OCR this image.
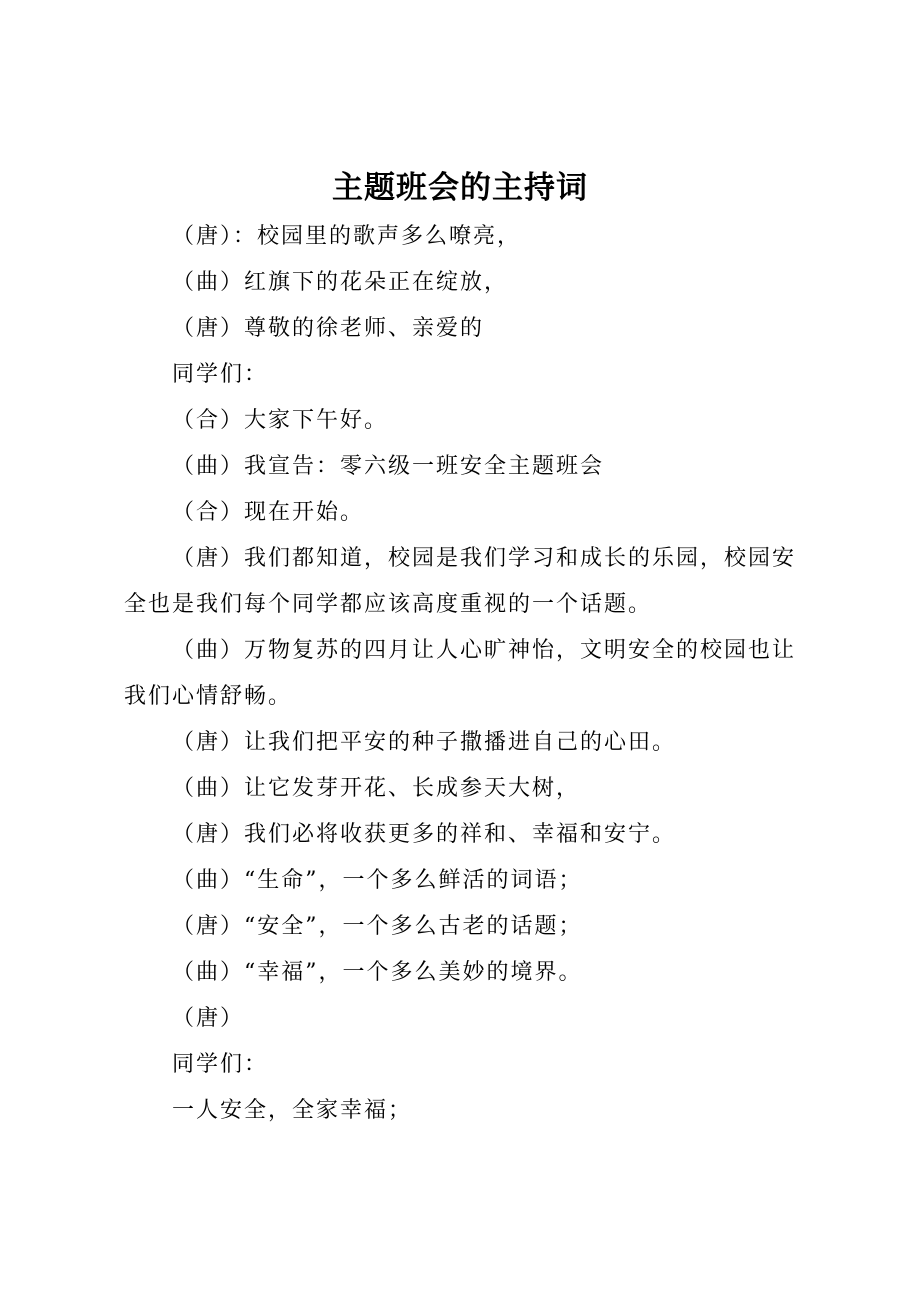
主题班会的主持词

（唐）：校园里的歌声多么嘹亮，

（曲）红旗下的花朵正在绽放，

（唐）尊敬的徐老师、亲爱的

同学们：

（合）大家下午好。

（曲）我宣告：零六级一班安全主题班会

（合）现在开始。

（唐）我们都知道，校园是我们学习和成长的乐园，校园安全也是我们每个同学都应该高度重视的一个话题。

（曲）万物复苏的四月让人心旷神怡，文明安全的校园也让我们心情舒畅。

（唐）让我们把平安的种子撒播进自己的心田。

（曲）让它发芽开花、长成参天大树，

（唐）我们必将收获更多的祥和、幸福和安宁。

（曲）“生命”，一个多么鲜活的词语；

（唐）“安全”，一个多么古老的话题；

（曲）“幸福”，一个多么美妙的境界。

（唐）

同学们：

一人安全，全家幸福；
